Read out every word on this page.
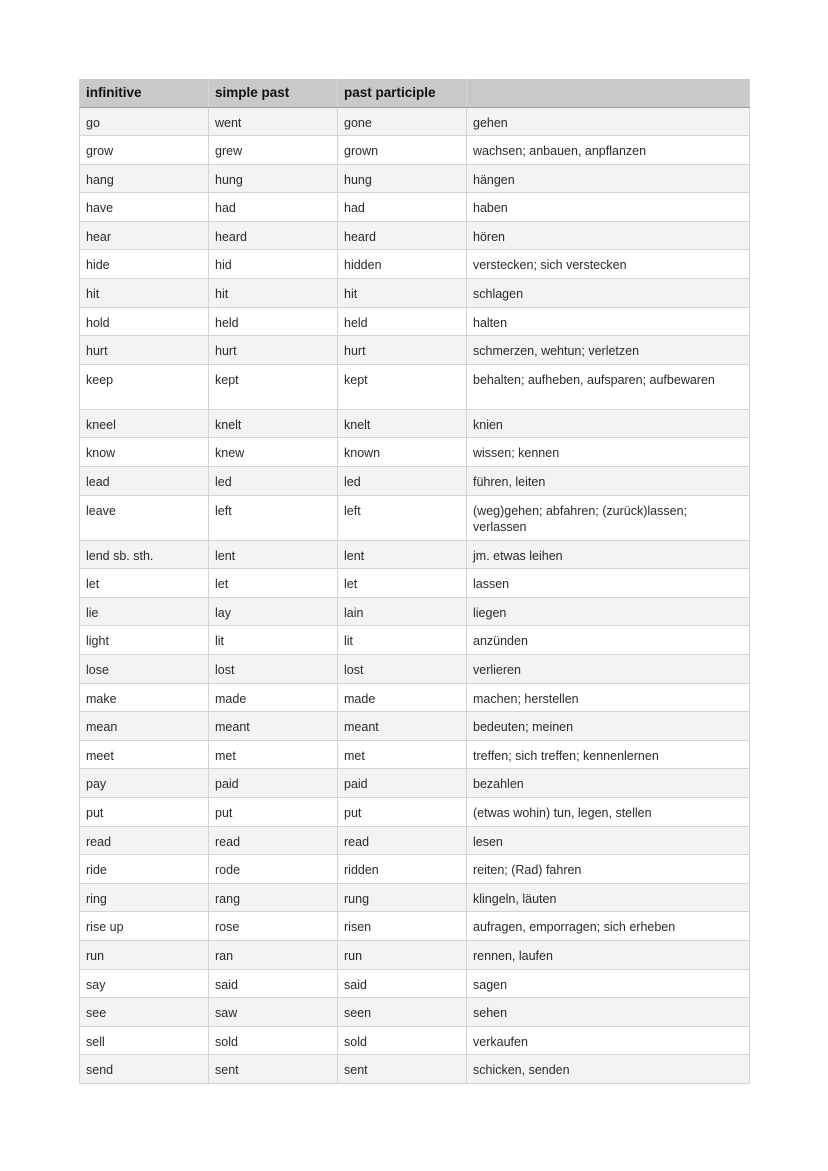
infinitive	simple past	past participle	
go	went	gone	gehen
grow	grew	grown	wachsen; anbauen, anpflanzen
hang	hung	hung	hängen
have	had	had	haben
hear	heard	heard	hören
hide	hid	hidden	verstecken; sich verstecken
hit	hit	hit	schlagen
hold	held	held	halten
hurt	hurt	hurt	schmerzen, wehtun; verletzen
keep	kept	kept	behalten; aufheben, aufsparen; aufbewaren
kneel	knelt	knelt	knien
know	knew	known	wissen; kennen
lead	led	led	führen, leiten
leave	left	left	(weg)gehen; abfahren; (zurück)lassen; verlassen
lend sb. sth.	lent	lent	jm. etwas leihen
let	let	let	lassen
lie	lay	lain	liegen
light	lit	lit	anzünden
lose	lost	lost	verlieren
make	made	made	machen; herstellen
mean	meant	meant	bedeuten; meinen
meet	met	met	treffen; sich treffen; kennenlernen
pay	paid	paid	bezahlen
put	put	put	(etwas wohin) tun, legen, stellen
read	read	read	lesen
ride	rode	ridden	reiten; (Rad) fahren
ring	rang	rung	klingeln, läuten
rise up	rose	risen	aufragen, emporragen; sich erheben
run	ran	run	rennen, laufen
say	said	said	sagen
see	saw	seen	sehen
sell	sold	sold	verkaufen
send	sent	sent	schicken, senden
